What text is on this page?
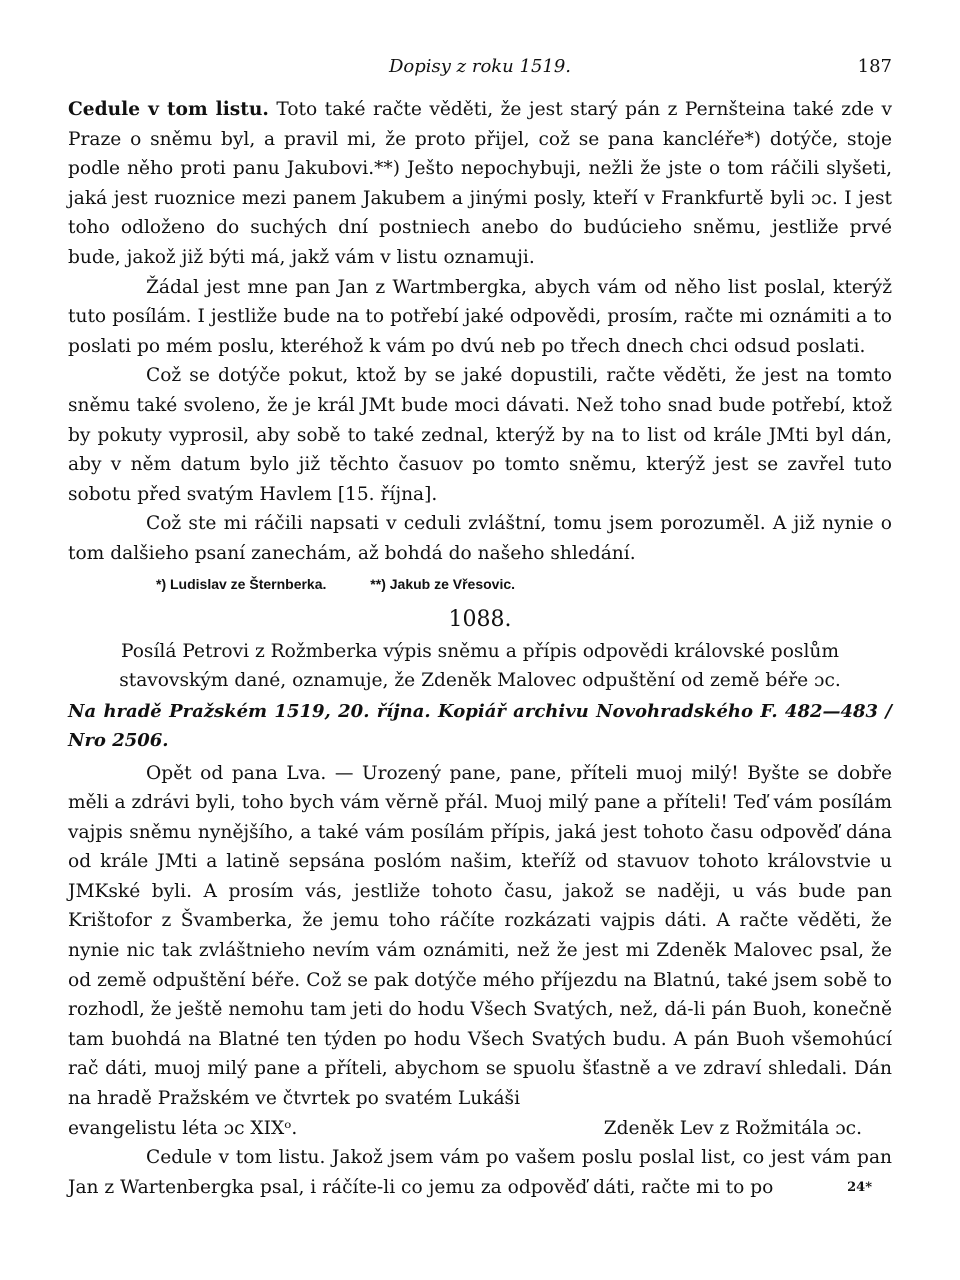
Dopisy z roku 1519.	187

Cedule v tom listu. Toto také račte věděti, že jest starý pán z Pernšteina také zde v Praze o sněmu byl, a pravil mi, že proto přijel, což se pana kancléře*) dotýče, stoje podle něho proti panu Jakubovi.**) Ješto nepochybuji, nežli že jste o tom ráčili slyšeti, jaká jest ruoznice mezi panem Jakubem a jinými posly, kteří v Frankfurtě byli ɔc. I jest toho odloženo do suchých dní postniech anebo do budúcieho sněmu, jestliže prvé bude, jakož již býti má, jakž vám v listu oznamuji.

Žádal jest mne pan Jan z Wartmbergka, abych vám od něho list poslal, kterýž tuto posílám. I jestliže bude na to potřebí jaké odpovědi, prosím, račte mi oznámiti a to poslati po mém poslu, kteréhož k vám po dvú neb po třech dnech chci odsud poslati.

Což se dotýče pokut, ktož by se jaké dopustili, račte věděti, že jest na tomto sněmu také svoleno, že je král JMt bude moci dávati. Než toho snad bude potřebí, ktož by pokuty vyprosil, aby sobě to také zednal, kterýž by na to list od krále JMti byl dán, aby v něm datum bylo již těchto časuov po tomto sněmu, kterýž jest se zavřel tuto sobotu před svatým Havlem [15. října].

Což ste mi ráčili napsati v ceduli zvláštní, tomu jsem porozuměl. A již nynie o tom dalšieho psaní zanechám, až bohdá do našeho shledání.

*) Ludislav ze Šternberka.	**) Jakub ze Vřesovic.
1088.
Posílá Petrovi z Rožmberka výpis sněmu a přípis odpovědi královské poslům stavovským dané, oznamuje, že Zdeněk Malovec odpuštění od země béře ɔc.
Na hradě Pražském 1519, 20. října. Kopiář archivu Novohradského F. 482—483 / Nro 2506.

Opět od pana Lva. — Urozený pane, pane, příteli muoj milý! Byšte se dobře měli a zdrávi byli, toho bych vám věrně přál. Muoj milý pane a příteli! Teď vám posílám vajpis sněmu nynějšího, a také vám posílám přípis, jaká jest tohoto času odpověď dána od krále JMti a latině sepsána poslóm našim, kteříž od stavuov tohoto královstvie u JMKské byli. A prosím vás, jestliže tohoto času, jakož se naději, u vás bude pan Krištofor z Švamberka, že jemu toho ráčíte rozkázati vajpis dáti. A račte věděti, že nynie nic tak zvláštnieho nevím vám oznámiti, než že jest mi Zdeněk Malovec psal, že od země odpuštění béře. Což se pak dotýče mého příjezdu na Blatnú, také jsem sobě to rozhodl, že ještě nemohu tam jeti do hodu Všech Svatých, než, dá-li pán Buoh, konečně tam buohdá na Blatné ten týden po hodu Všech Svatých budu. A pán Buoh všemohúcí rač dáti, muoj milý pane a příteli, abychom se spuolu šťastně a ve zdraví shledali. Dán na hradě Pražském ve čtvrtek po svatém Lukáši

evangelistu léta ɔc XIXᵒ.	Zdeněk Lev z Rožmitála ɔc.

Cedule v tom listu. Jakož jsem vám po vašem poslu poslal list, co jest vám pan Jan z Wartenbergka psal, i ráčíte-li co jemu za odpověď dáti, račte mi to po	24*
